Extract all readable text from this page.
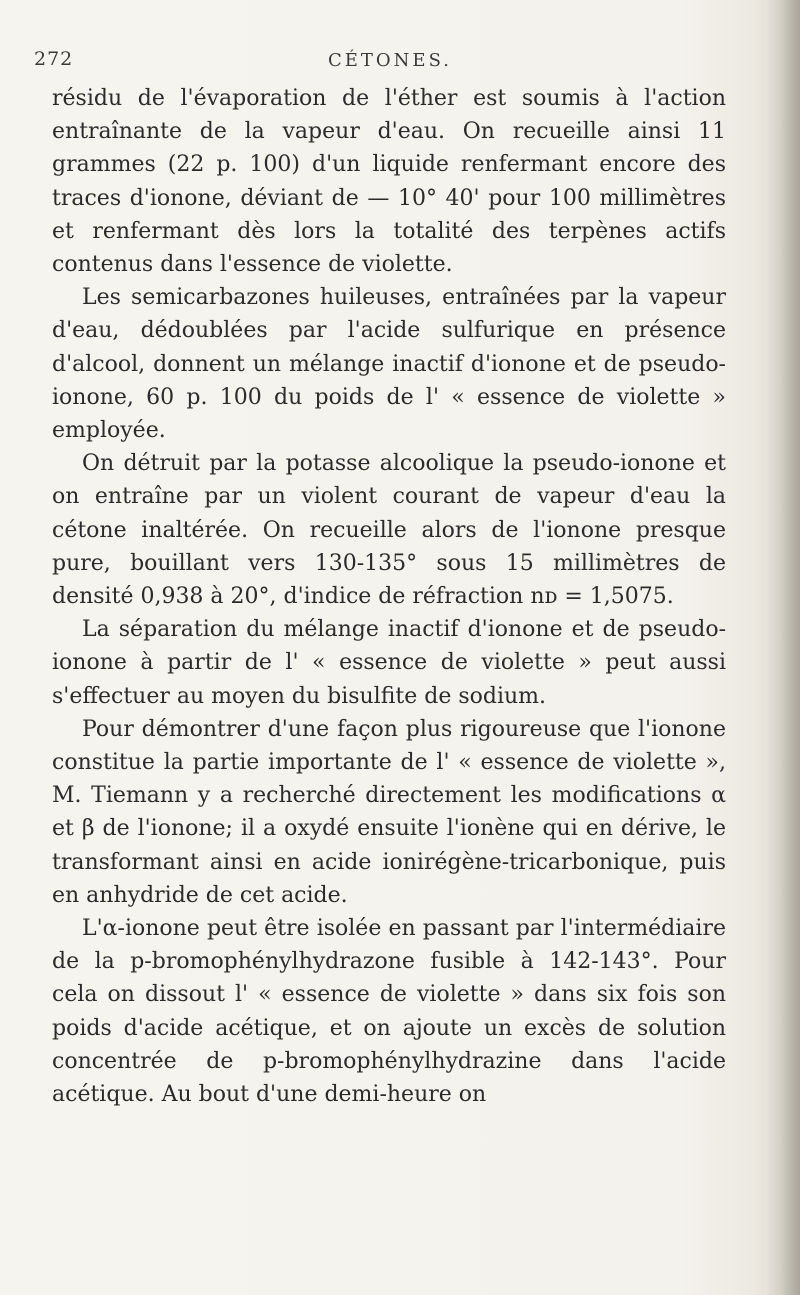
272	CÉTONES.

résidu de l'évaporation de l'éther est soumis à l'action entraînante de la vapeur d'eau. On recueille ainsi 11 grammes (22 p. 100) d'un liquide renfermant encore des traces d'ionone, déviant de — 10° 40' pour 100 millimètres et renfermant dès lors la totalité des terpènes actifs contenus dans l'essence de violette.

Les semicarbazones huileuses, entraînées par la vapeur d'eau, dédoublées par l'acide sulfurique en présence d'alcool, donnent un mélange inactif d'ionone et de pseudo-ionone, 60 p. 100 du poids de l' « essence de violette » employée.

On détruit par la potasse alcoolique la pseudo-ionone et on entraîne par un violent courant de vapeur d'eau la cétone inaltérée. On recueille alors de l'ionone presque pure, bouillant vers 130-135° sous 15 millimètres de densité 0,938 à 20°, d'indice de réfraction nᴅ = 1,5075.

La séparation du mélange inactif d'ionone et de pseudo-ionone à partir de l' « essence de violette » peut aussi s'effectuer au moyen du bisulfite de sodium.

Pour démontrer d'une façon plus rigoureuse que l'ionone constitue la partie importante de l' « essence de violette », M. Tiemann y a recherché directement les modifications α et β de l'ionone; il a oxydé ensuite l'ionène qui en dérive, le transformant ainsi en acide ionirégène-tricarbonique, puis en anhydride de cet acide.

L'α-ionone peut être isolée en passant par l'intermédiaire de la p-bromophénylhydrazone fusible à 142-143°. Pour cela on dissout l' « essence de violette » dans six fois son poids d'acide acétique, et on ajoute un excès de solution concentrée de p-bromophénylhydrazine dans l'acide acétique. Au bout d'une demi-heure on
